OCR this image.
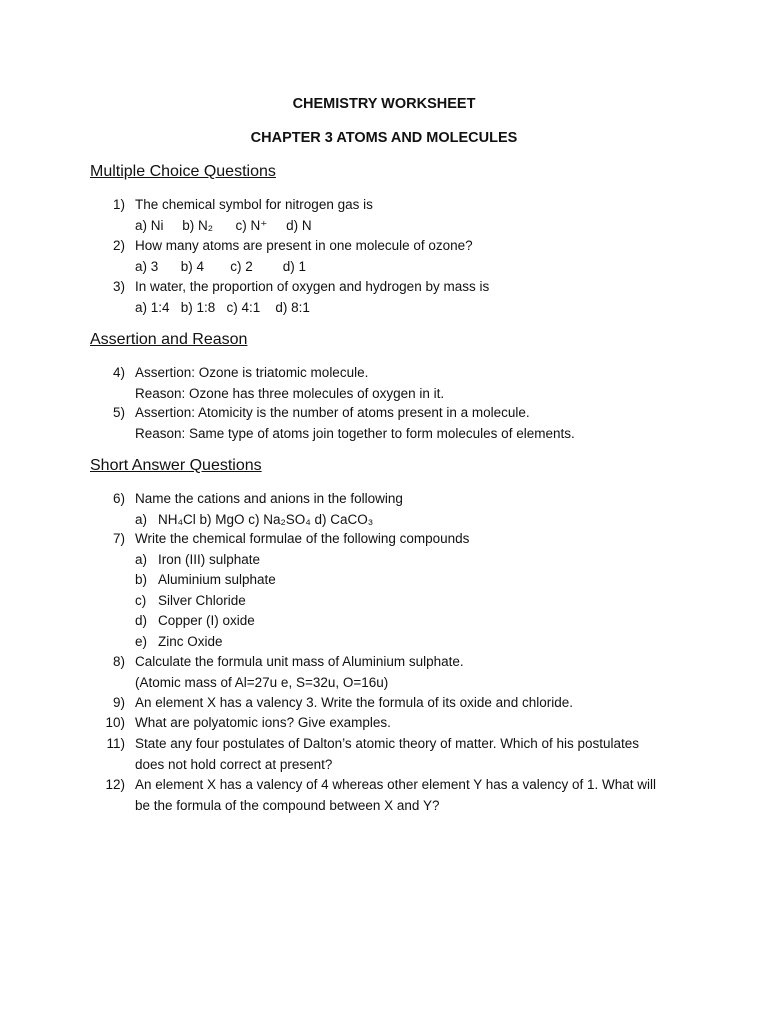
CHEMISTRY WORKSHEET
CHAPTER 3 ATOMS AND MOLECULES
Multiple Choice Questions
1) The chemical symbol for nitrogen gas is
a) Ni     b) N₂      c) N⁺     d) N
2) How many atoms are present in one molecule of ozone?
a) 3      b) 4       c) 2        d) 1
3) In water, the proportion of oxygen and hydrogen by mass is
a) 1:4   b) 1:8   c) 4:1    d) 8:1
Assertion and Reason
4) Assertion: Ozone is triatomic molecule.
Reason: Ozone has three molecules of oxygen in it.
5) Assertion: Atomicity is the number of atoms present in a molecule.
Reason: Same type of atoms join together to form molecules of elements.
Short Answer Questions
6) Name the cations and anions in the following
a) NH₄Cl b) MgO c) Na₂SO₄ d) CaCO₃
7) Write the chemical formulae of the following compounds
a) Iron (III) sulphate
b) Aluminium sulphate
c) Silver Chloride
d) Copper (I) oxide
e) Zinc Oxide
8) Calculate the formula unit mass of Aluminium sulphate.
(Atomic mass of Al=27u e, S=32u, O=16u)
9) An element X has a valency 3. Write the formula of its oxide and chloride.
10) What are polyatomic ions? Give examples.
11) State any four postulates of Dalton’s atomic theory of matter. Which of his postulates
does not hold correct at present?
12) An element X has a valency of 4 whereas other element Y has a valency of 1. What will
be the formula of the compound between X and Y?
